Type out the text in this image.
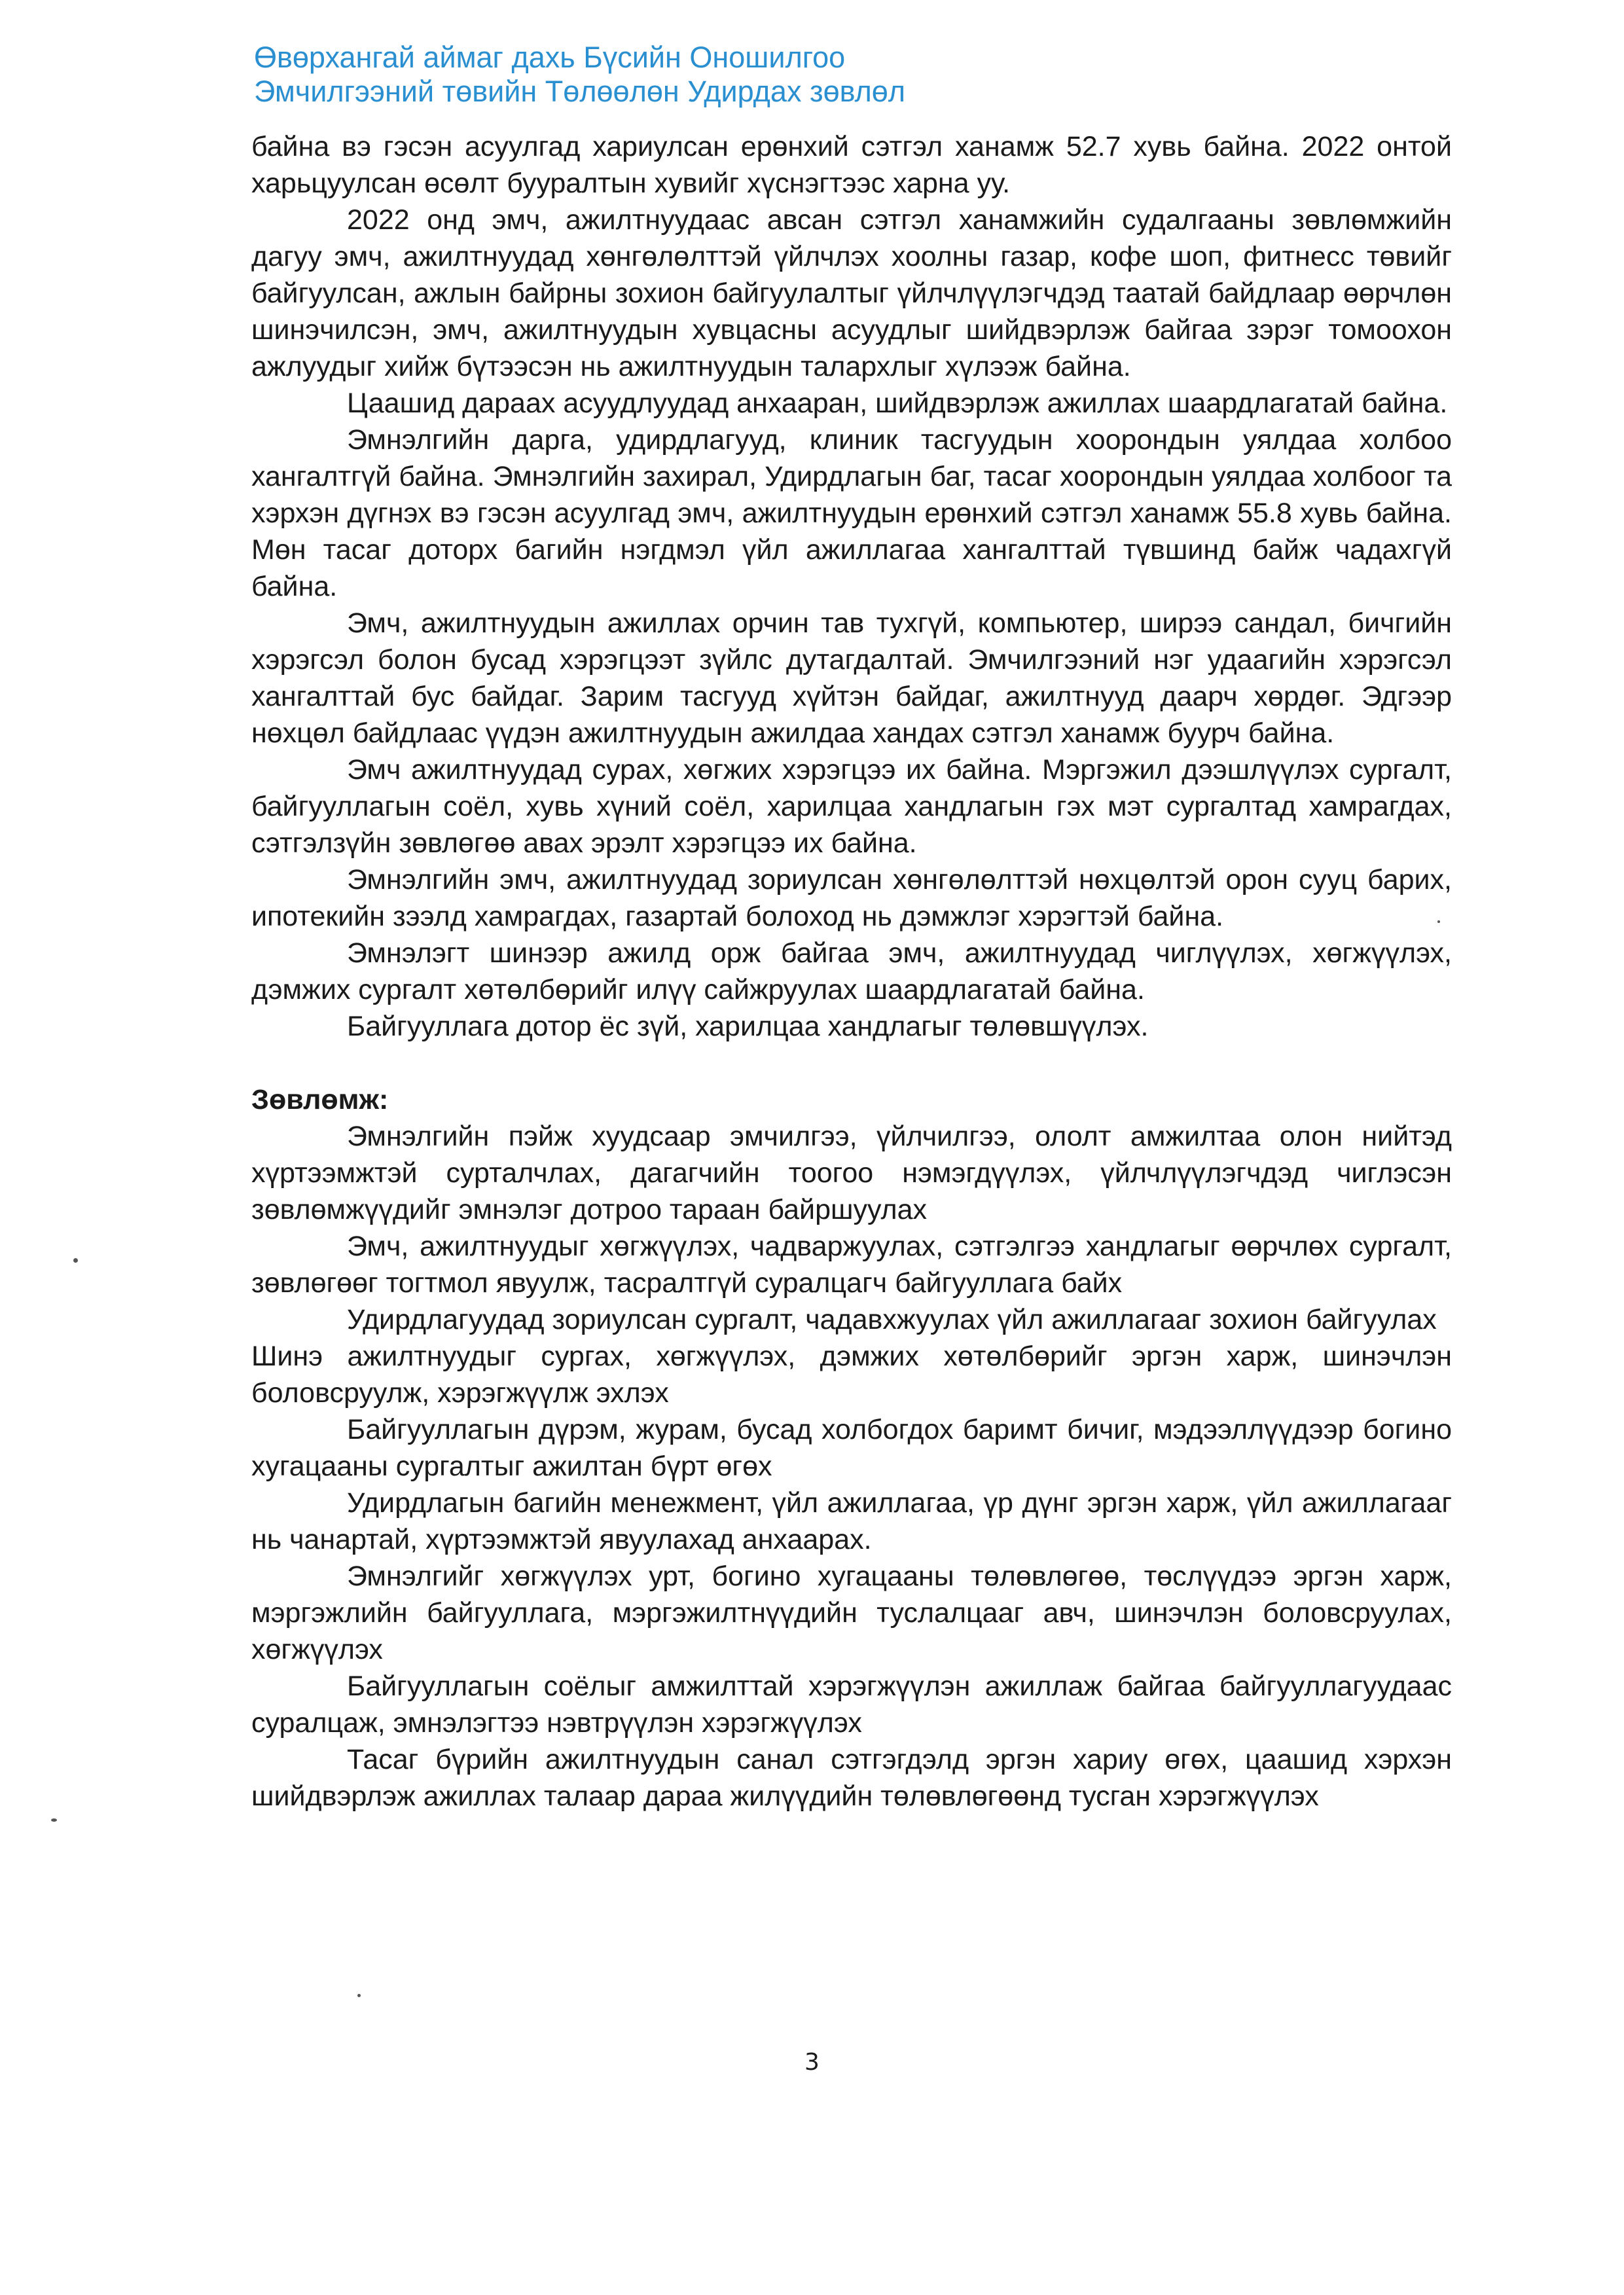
Өвөрхангай аймаг дахь Бүсийн Оношилгоо
Эмчилгээний төвийн Төлөөлөн Удирдах зөвлөл

байна вэ гэсэн асуулгад хариулсан ерөнхий сэтгэл ханамж 52.7 хувь байна. 2022 онтой харьцуулсан өсөлт бууралтын хувийг хүснэгтээс харна уу.

2022 онд эмч, ажилтнуудаас авсан сэтгэл ханамжийн судалгааны зөвлөмжийн дагуу эмч, ажилтнуудад хөнгөлөлттэй үйлчлэх хоолны газар, кофе шоп, фитнесс төвийг байгуулсан, ажлын байрны зохион байгуулалтыг үйлчлүүлэгчдэд таатай байдлаар өөрчлөн шинэчилсэн, эмч, ажилтнуудын хувцасны асуудлыг шийдвэрлэж байгаа зэрэг томоохон ажлуудыг хийж бүтээсэн нь ажилтнуудын талархлыг хүлээж байна.

Цаашид дараах асуудлуудад анхааран, шийдвэрлэж ажиллах шаардлагатай байна.

Эмнэлгийн дарга, удирдлагууд, клиник тасгуудын хоорондын уялдаа холбоо хангалтгүй байна. Эмнэлгийн захирал, Удирдлагын баг, тасаг хоорондын уялдаа холбоог та хэрхэн дүгнэх вэ гэсэн асуулгад эмч, ажилтнуудын ерөнхий сэтгэл ханамж 55.8 хувь байна. Мөн тасаг доторх багийн нэгдмэл үйл ажиллагаа хангалттай түвшинд байж чадахгүй байна.

Эмч, ажилтнуудын ажиллах орчин тав тухгүй, компьютер, ширээ сандал, бичгийн хэрэгсэл болон бусад хэрэгцээт зүйлс дутагдалтай. Эмчилгээний нэг удаагийн хэрэгсэл хангалттай бус байдаг. Зарим тасгууд хүйтэн байдаг, ажилтнууд даарч хөрдөг. Эдгээр нөхцөл байдлаас үүдэн ажилтнуудын ажилдаа хандах сэтгэл ханамж буурч байна.

Эмч ажилтнуудад сурах, хөгжих хэрэгцээ их байна. Мэргэжил дээшлүүлэх сургалт, байгууллагын соёл, хувь хүний соёл, харилцаа хандлагын гэх мэт сургалтад хамрагдах, сэтгэлзүйн зөвлөгөө авах эрэлт хэрэгцээ их байна.

Эмнэлгийн эмч, ажилтнуудад зориулсан хөнгөлөлттэй нөхцөлтэй орон сууц барих, ипотекийн зээлд хамрагдах, газартай болоход нь дэмжлэг хэрэгтэй байна.

Эмнэлэгт шинээр ажилд орж байгаа эмч, ажилтнуудад чиглүүлэх, хөгжүүлэх, дэмжих сургалт хөтөлбөрийг илүү сайжруулах шаардлагатай байна.

Байгууллага дотор ёс зүй, харилцаа хандлагыг төлөвшүүлэх.

Зөвлөмж:

Эмнэлгийн пэйж хуудсаар эмчилгээ, үйлчилгээ, ололт амжилтаа олон нийтэд хүртээмжтэй сурталчлах, дагагчийн тоогоо нэмэгдүүлэх, үйлчлүүлэгчдэд чиглэсэн зөвлөмжүүдийг эмнэлэг дотроо тараан байршуулах

Эмч, ажилтнуудыг хөгжүүлэх, чадваржуулах, сэтгэлгээ хандлагыг өөрчлөх сургалт, зөвлөгөөг тогтмол явуулж, тасралтгүй суралцагч байгууллага байх

Удирдлагуудад зориулсан сургалт, чадавхжуулах үйл ажиллагааг зохион байгуулах

Шинэ ажилтнуудыг сургах, хөгжүүлэх, дэмжих хөтөлбөрийг эргэн харж, шинэчлэн боловсруулж, хэрэгжүүлж эхлэх

Байгууллагын дүрэм, журам, бусад холбогдох баримт бичиг, мэдээллүүдээр богино хугацааны сургалтыг ажилтан бүрт өгөх

Удирдлагын багийн менежмент, үйл ажиллагаа, үр дүнг эргэн харж, үйл ажиллагааг нь чанартай, хүртээмжтэй явуулахад анхаарах.

Эмнэлгийг хөгжүүлэх урт, богино хугацааны төлөвлөгөө, төслүүдээ эргэн харж, мэргэжлийн байгууллага, мэргэжилтнүүдийн туслалцааг авч, шинэчлэн боловсруулах, хөгжүүлэх

Байгууллагын соёлыг амжилттай хэрэгжүүлэн ажиллаж байгаа байгууллагуудаас суралцаж, эмнэлэгтээ нэвтрүүлэн хэрэгжүүлэх

Тасаг бүрийн ажилтнуудын санал сэтгэгдэлд эргэн хариу өгөх, цаашид хэрхэн шийдвэрлэж ажиллах талаар дараа жилүүдийн төлөвлөгөөнд тусган хэрэгжүүлэх

3
